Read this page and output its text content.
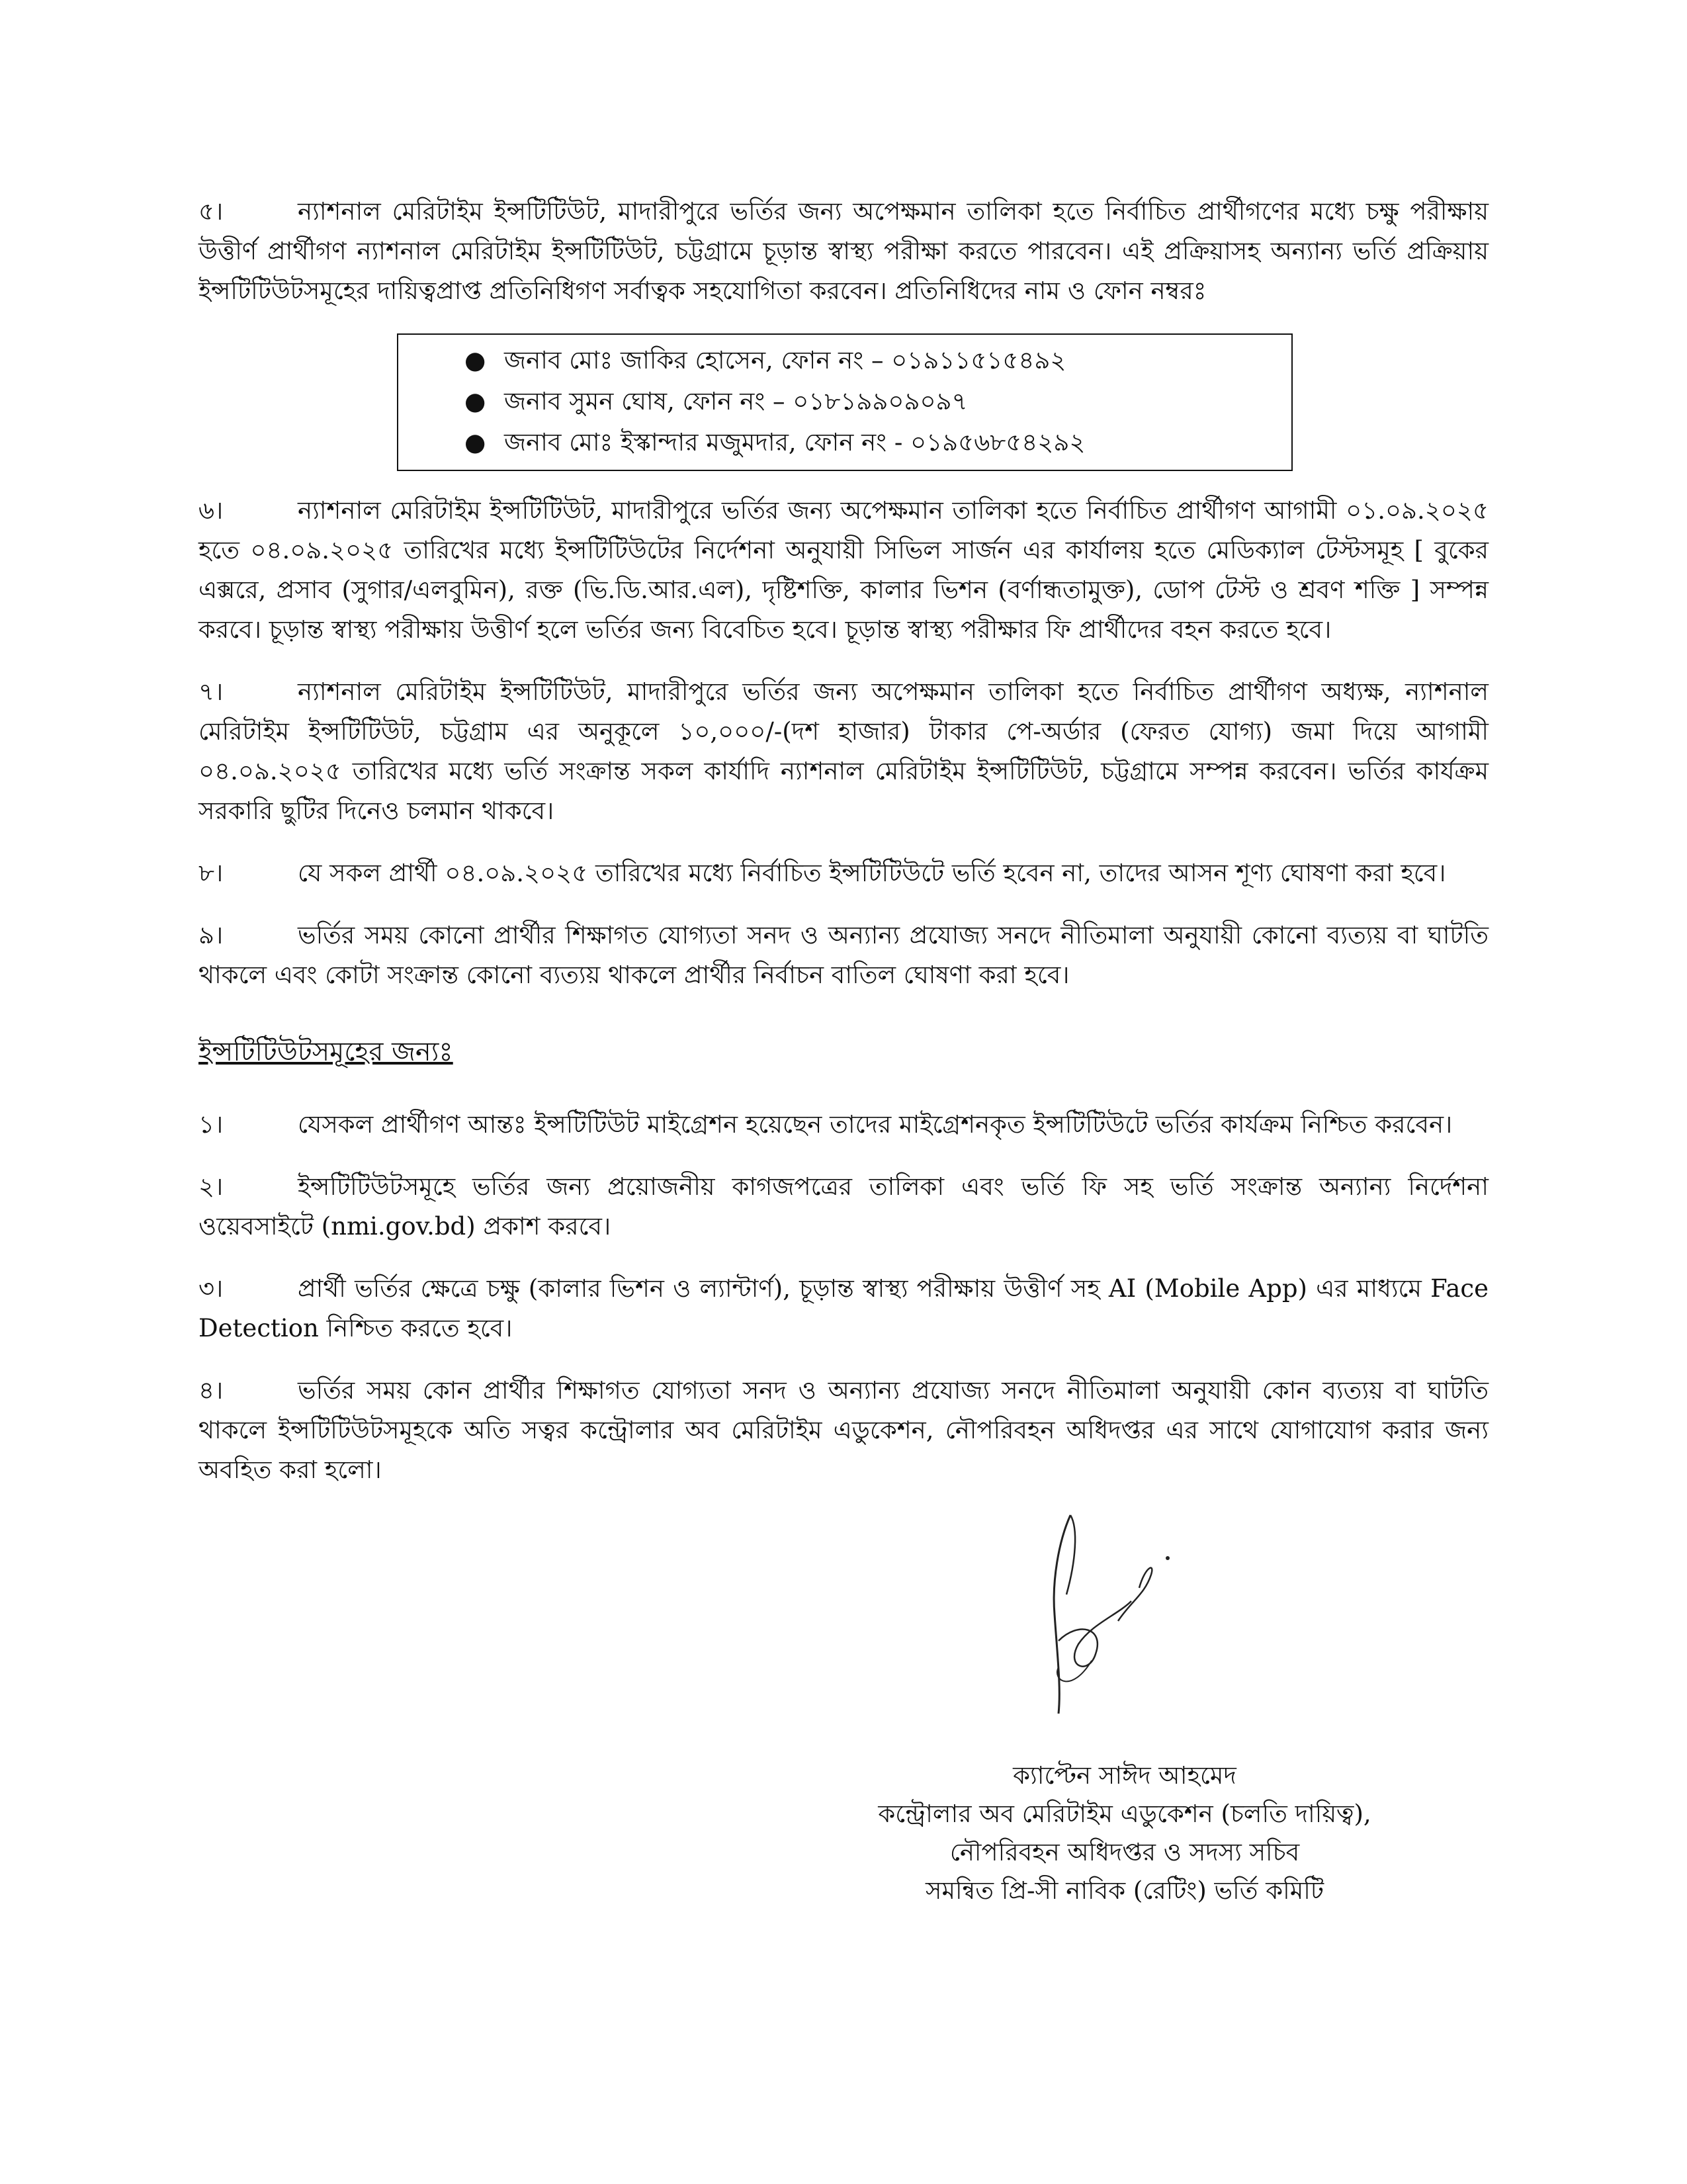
৫।	ন্যাশনাল মেরিটাইম ইন্সটিটিউট, মাদারীপুরে ভর্তির জন্য অপেক্ষমান তালিকা হতে নির্বাচিত প্রার্থীগণের মধ্যে চক্ষু পরীক্ষায় উত্তীর্ণ প্রার্থীগণ ন্যাশনাল মেরিটাইম ইন্সটিটিউট, চট্টগ্রামে চূড়ান্ত স্বাস্থ্য পরীক্ষা করতে পারবেন। এই প্রক্রিয়াসহ অন্যান্য ভর্তি প্রক্রিয়ায় ইন্সটিটিউটসমূহের দায়িত্বপ্রাপ্ত প্রতিনিধিগণ সর্বাত্বক সহযোগিতা করবেন। প্রতিনিধিদের নাম ও ফোন নম্বরঃ

● জনাব মোঃ জাকির হোসেন, ফোন নং – ০১৯১১৫১৫৪৯২
● জনাব সুমন ঘোষ, ফোন নং – ০১৮১৯৯০৯০৯৭
● জনাব মোঃ ইস্কান্দার মজুমদার, ফোন নং - ০১৯৫৬৮৫৪২৯২

৬।	ন্যাশনাল মেরিটাইম ইন্সটিটিউট, মাদারীপুরে ভর্তির জন্য অপেক্ষমান তালিকা হতে নির্বাচিত প্রার্থীগণ আগামী ০১.০৯.২০২৫ হতে ০৪.০৯.২০২৫ তারিখের মধ্যে ইন্সটিটিউটের নির্দেশনা অনুযায়ী সিভিল সার্জন এর কার্যালয় হতে মেডিক্যাল টেস্টসমূহ [ বুকের এক্সরে, প্রসাব (সুগার/এলবুমিন), রক্ত (ভি.ডি.আর.এল), দৃষ্টিশক্তি, কালার ভিশন (বর্ণান্ধতামুক্ত), ডোপ টেস্ট ও শ্রবণ শক্তি ] সম্পন্ন করবে। চূড়ান্ত স্বাস্থ্য পরীক্ষায় উত্তীর্ণ হলে ভর্তির জন্য বিবেচিত হবে। চূড়ান্ত স্বাস্থ্য পরীক্ষার ফি প্রার্থীদের বহন করতে হবে।

৭।	ন্যাশনাল মেরিটাইম ইন্সটিটিউট, মাদারীপুরে ভর্তির জন্য অপেক্ষমান তালিকা হতে নির্বাচিত প্রার্থীগণ অধ্যক্ষ, ন্যাশনাল মেরিটাইম ইন্সটিটিউট, চট্টগ্রাম এর অনুকূলে ১০,০০০/-(দশ হাজার) টাকার পে-অর্ডার (ফেরত যোগ্য) জমা দিয়ে আগামী ০৪.০৯.২০২৫ তারিখের মধ্যে ভর্তি সংক্রান্ত সকল কার্যাদি ন্যাশনাল মেরিটাইম ইন্সটিটিউট, চট্টগ্রামে সম্পন্ন করবেন। ভর্তির কার্যক্রম সরকারি ছুটির দিনেও চলমান থাকবে।

৮।	যে সকল প্রার্থী ০৪.০৯.২০২৫ তারিখের মধ্যে নির্বাচিত ইন্সটিটিউটে ভর্তি হবেন না, তাদের আসন শূণ্য ঘোষণা করা হবে।

৯।	ভর্তির সময় কোনো প্রার্থীর শিক্ষাগত যোগ্যতা সনদ ও অন্যান্য প্রযোজ্য সনদে নীতিমালা অনুযায়ী কোনো ব্যত্যয় বা ঘাটতি থাকলে এবং কোটা সংক্রান্ত কোনো ব্যত্যয় থাকলে প্রার্থীর নির্বাচন বাতিল ঘোষণা করা হবে।

ইন্সটিটিউটসমূহের জন্যঃ

১।	যেসকল প্রার্থীগণ আন্তঃ ইন্সটিটিউট মাইগ্রেশন হয়েছেন তাদের মাইগ্রেশনকৃত ইন্সটিটিউটে ভর্তির কার্যক্রম নিশ্চিত করবেন।

২।	ইন্সটিটিউটসমূহে ভর্তির জন্য প্রয়োজনীয় কাগজপত্রের তালিকা এবং ভর্তি ফি সহ ভর্তি সংক্রান্ত অন্যান্য নির্দেশনা ওয়েবসাইটে (nmi.gov.bd) প্রকাশ করবে।

৩।	প্রার্থী ভর্তির ক্ষেত্রে চক্ষু (কালার ভিশন ও ল্যান্টার্ণ), চূড়ান্ত স্বাস্থ্য পরীক্ষায় উত্তীর্ণ সহ AI (Mobile App) এর মাধ্যমে Face Detection নিশ্চিত করতে হবে।

৪।	ভর্তির সময় কোন প্রার্থীর শিক্ষাগত যোগ্যতা সনদ ও অন্যান্য প্রযোজ্য সনদে নীতিমালা অনুযায়ী কোন ব্যত্যয় বা ঘাটতি থাকলে ইন্সটিটিউটসমূহকে অতি সত্বর কন্ট্রোলার অব মেরিটাইম এডুকেশন, নৌপরিবহন অধিদপ্তর এর সাথে যোগাযোগ করার জন্য অবহিত করা হলো।

ক্যাপ্টেন সাঈদ আহমেদ
কন্ট্রোলার অব মেরিটাইম এডুকেশন (চলতি দায়িত্ব),
নৌপরিবহন অধিদপ্তর ও সদস্য সচিব
সমন্বিত প্রি-সী নাবিক (রেটিং) ভর্তি কমিটি
